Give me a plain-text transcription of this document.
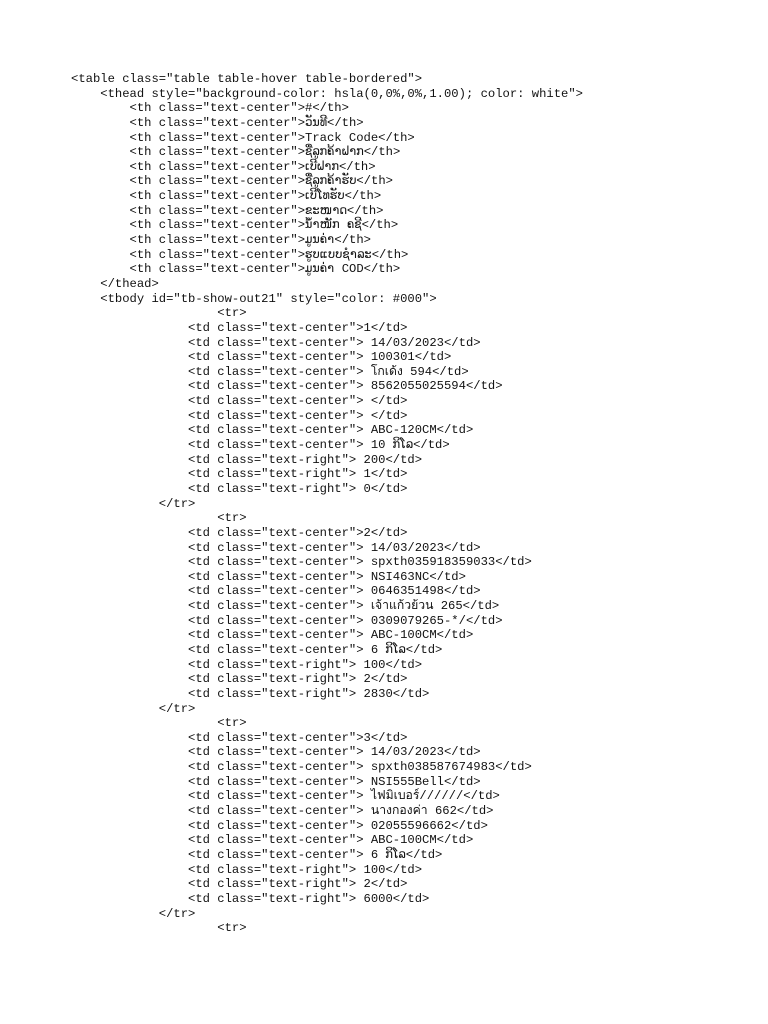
<table class="table table-hover table-bordered">
<thead style="background-color: hsla(0,0%,0%,1.00); color: white">
<th class="text-center">#</th>
<th class="text-center">ວັນທີ</th>
<th class="text-center">Track Code</th>
<th class="text-center">ຊື່ລູກຄ້າຝາກ</th>
<th class="text-center">ເບີຝາກ</th>
<th class="text-center">ຊື່ລູກຄ້າຮັບ</th>
<th class="text-center">ເບີໂທຮັບ</th>
<th class="text-center">ຂະໜາດ</th>
<th class="text-center">ນໍ້າໜັກ ຄຊີ</th>
<th class="text-center">ມູນຄ່າ</th>
<th class="text-center">ຮູບແບບຊໍາລະ</th>
<th class="text-center">ມູນຄ່າ COD</th>
</thead>
<tbody id="tb-show-out21" style="color: #000">
<tr>
<td class="text-center">1</td>
<td class="text-center"> 14/03/2023</td>
<td class="text-center"> 100301</td>
<td class="text-center"> โกเด้ง 594</td>
<td class="text-center"> 8562055025594</td>
<td class="text-center"> </td>
<td class="text-center"> </td>
<td class="text-center"> ABC-120CM</td>
<td class="text-center"> 10 ກິໂລ</td>
<td class="text-right"> 200</td>
<td class="text-right"> 1</td>
<td class="text-right"> 0</td>
</tr>
<tr>
<td class="text-center">2</td>
<td class="text-center"> 14/03/2023</td>
<td class="text-center"> spxth035918359033</td>
<td class="text-center"> NSI463NC</td>
<td class="text-center"> 0646351498</td>
<td class="text-center"> เจ้าแก้วย้วน 265</td>
<td class="text-center"> 0309079265-*/</td>
<td class="text-center"> ABC-100CM</td>
<td class="text-center"> 6 ກິໂລ</td>
<td class="text-right"> 100</td>
<td class="text-right"> 2</td>
<td class="text-right"> 2830</td>
</tr>
<tr>
<td class="text-center">3</td>
<td class="text-center"> 14/03/2023</td>
<td class="text-center"> spxth038587674983</td>
<td class="text-center"> NSI555Bell</td>
<td class="text-center"> ไฟมิเบอร์//////</td>
<td class="text-center"> นางกองค่า 662</td>
<td class="text-center"> 02055596662</td>
<td class="text-center"> ABC-100CM</td>
<td class="text-center"> 6 ກິໂລ</td>
<td class="text-right"> 100</td>
<td class="text-right"> 2</td>
<td class="text-right"> 6000</td>
</tr>
<tr>
